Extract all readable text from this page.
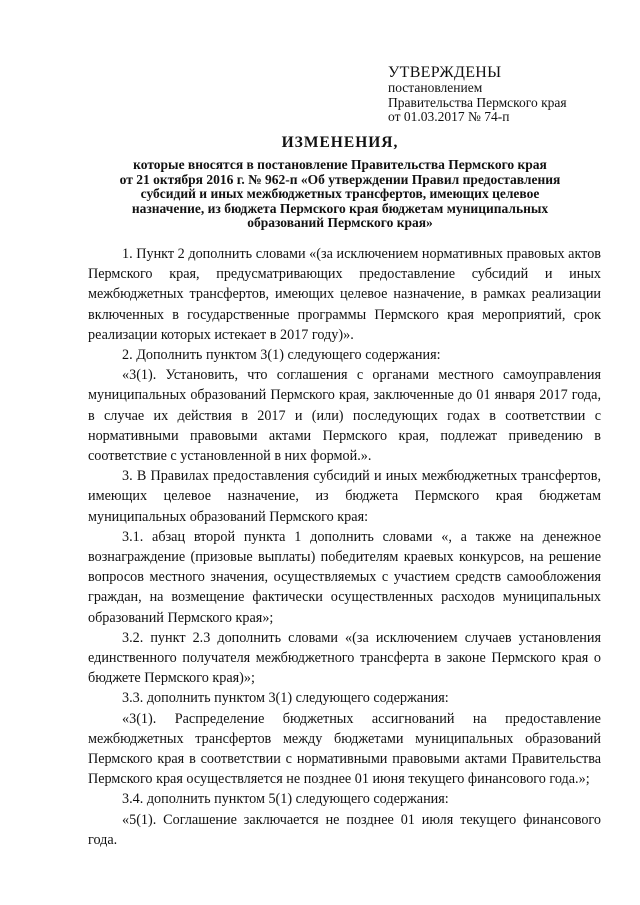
УТВЕРЖДЕНЫ
постановлением
Правительства Пермского края
от 01.03.2017 № 74-п
ИЗМЕНЕНИЯ,
которые вносятся в постановление Правительства Пермского края
от 21 октября 2016 г. № 962-п «Об утверждении Правил предоставления
субсидий и иных межбюджетных трансфертов, имеющих целевое
назначение, из бюджета Пермского края бюджетам муниципальных
образований Пермского края»

1. Пункт 2 дополнить словами «(за исключением нормативных правовых актов Пермского края, предусматривающих предоставление субсидий и иных межбюджетных трансфертов, имеющих целевое назначение, в рамках реализации включенных в государственные программы Пермского края мероприятий, срок реализации которых истекает в 2017 году)».

2. Дополнить пунктом 3(1) следующего содержания:

«3(1). Установить, что соглашения с органами местного самоуправления муниципальных образований Пермского края, заключенные до 01 января 2017 года, в случае их действия в 2017 и (или) последующих годах в соответствии с нормативными правовыми актами Пермского края, подлежат приведению в соответствие с установленной в них формой.».

3. В Правилах предоставления субсидий и иных межбюджетных трансфертов, имеющих целевое назначение, из бюджета Пермского края бюджетам муниципальных образований Пермского края:

3.1. абзац второй пункта 1 дополнить словами «, а также на денежное вознаграждение (призовые выплаты) победителям краевых конкурсов, на решение вопросов местного значения, осуществляемых с участием средств самообложения граждан, на возмещение фактически осуществленных расходов муниципальных образований Пермского края»;

3.2. пункт 2.3 дополнить словами «(за исключением случаев установления единственного получателя межбюджетного трансферта в законе Пермского края о бюджете Пермского края)»;

3.3. дополнить пунктом 3(1) следующего содержания:

«3(1). Распределение бюджетных ассигнований на предоставление межбюджетных трансфертов между бюджетами муниципальных образований Пермского края в соответствии с нормативными правовыми актами Правительства Пермского края осуществляется не позднее 01 июня текущего финансового года.»;

3.4. дополнить пунктом 5(1) следующего содержания:

«5(1). Соглашение заключается не позднее 01 июля текущего финансового года.
